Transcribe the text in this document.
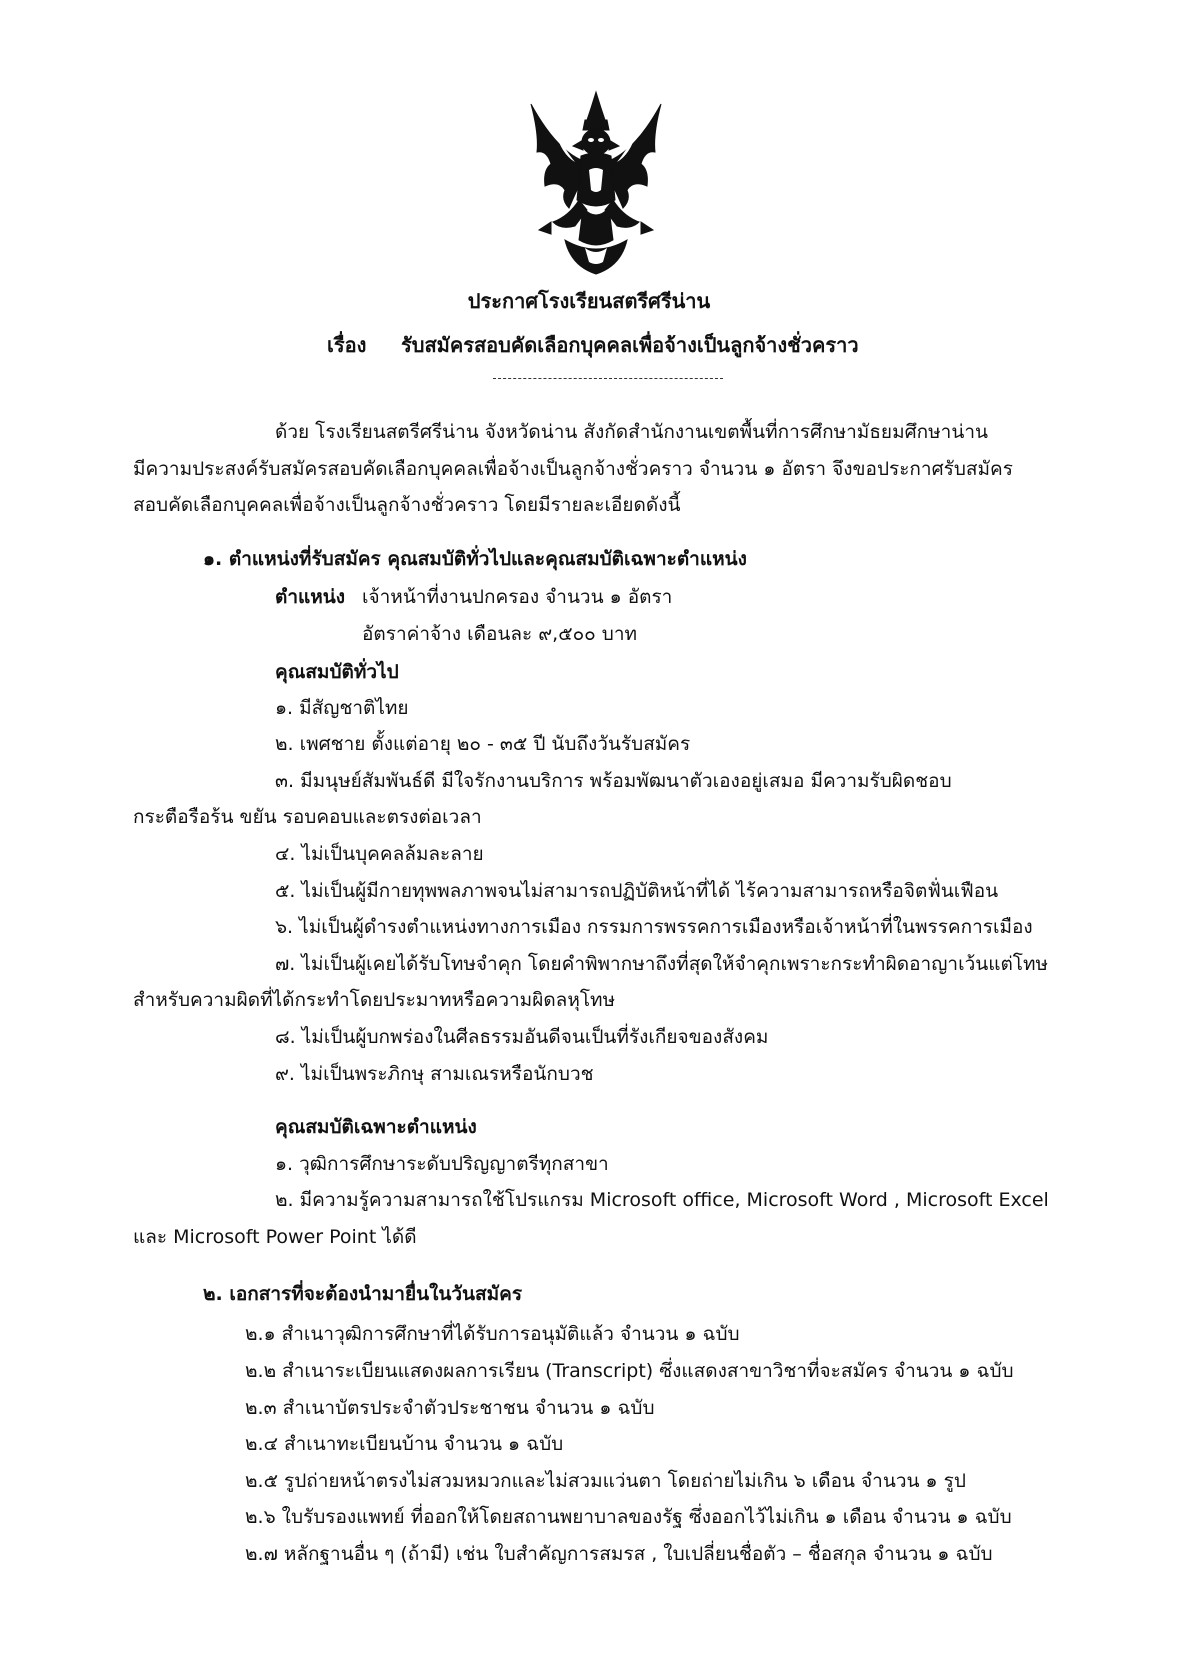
ประกาศโรงเรียนสตรีศรีน่าน
เรื่อง รับสมัครสอบคัดเลือกบุคคลเพื่อจ้างเป็นลูกจ้างชั่วคราว
ด้วย โรงเรียนสตรีศรีน่าน จังหวัดน่าน สังกัดสำนักงานเขตพื้นที่การศึกษามัธยมศึกษาน่าน
มีความประสงค์รับสมัครสอบคัดเลือกบุคคลเพื่อจ้างเป็นลูกจ้างชั่วคราว จำนวน ๑ อัตรา จึงขอประกาศรับสมัคร
สอบคัดเลือกบุคคลเพื่อจ้างเป็นลูกจ้างชั่วคราว โดยมีรายละเอียดดังนี้
๑. ตำแหน่งที่รับสมัคร คุณสมบัติทั่วไปและคุณสมบัติเฉพาะตำแหน่ง
ตำแหน่ง เจ้าหน้าที่งานปกครอง จำนวน ๑ อัตรา
อัตราค่าจ้าง เดือนละ ๙,๕๐๐ บาท
คุณสมบัติทั่วไป
๑. มีสัญชาติไทย
๒. เพศชาย ตั้งแต่อายุ ๒๐ - ๓๕ ปี นับถึงวันรับสมัคร
๓. มีมนุษย์สัมพันธ์ดี มีใจรักงานบริการ พร้อมพัฒนาตัวเองอยู่เสมอ มีความรับผิดชอบ
กระตือรือร้น ขยัน รอบคอบและตรงต่อเวลา
๔. ไม่เป็นบุคคลล้มละลาย
๕. ไม่เป็นผู้มีกายทุพพลภาพจนไม่สามารถปฏิบัติหน้าที่ได้ ไร้ความสามารถหรือจิตฟั่นเฟือน
๖. ไม่เป็นผู้ดำรงตำแหน่งทางการเมือง กรรมการพรรคการเมืองหรือเจ้าหน้าที่ในพรรคการเมือง
๗. ไม่เป็นผู้เคยได้รับโทษจำคุก โดยคำพิพากษาถึงที่สุดให้จำคุกเพราะกระทำผิดอาญาเว้นแต่โทษ
สำหรับความผิดที่ได้กระทำโดยประมาทหรือความผิดลหุโทษ
๘. ไม่เป็นผู้บกพร่องในศีลธรรมอันดีจนเป็นที่รังเกียจของสังคม
๙. ไม่เป็นพระภิกษุ สามเณรหรือนักบวช
คุณสมบัติเฉพาะตำแหน่ง
๑. วุฒิการศึกษาระดับปริญญาตรีทุกสาขา
๒. มีความรู้ความสามารถใช้โปรแกรม Microsoft office, Microsoft Word , Microsoft Excel
และ Microsoft Power Point ได้ดี
๒. เอกสารที่จะต้องนำมายื่นในวันสมัคร
๒.๑ สำเนาวุฒิการศึกษาที่ได้รับการอนุมัติแล้ว จำนวน ๑ ฉบับ
๒.๒ สำเนาระเบียนแสดงผลการเรียน (Transcript) ซึ่งแสดงสาขาวิชาที่จะสมัคร จำนวน ๑ ฉบับ
๒.๓ สำเนาบัตรประจำตัวประชาชน จำนวน ๑ ฉบับ
๒.๔ สำเนาทะเบียนบ้าน จำนวน ๑ ฉบับ
๒.๕ รูปถ่ายหน้าตรงไม่สวมหมวกและไม่สวมแว่นตา โดยถ่ายไม่เกิน ๖ เดือน จำนวน ๑ รูป
๒.๖ ใบรับรองแพทย์ ที่ออกให้โดยสถานพยาบาลของรัฐ ซึ่งออกไว้ไม่เกิน ๑ เดือน จำนวน ๑ ฉบับ
๒.๗ หลักฐานอื่น ๆ (ถ้ามี) เช่น ใบสำคัญการสมรส , ใบเปลี่ยนชื่อตัว – ชื่อสกุล จำนวน ๑ ฉบับ
